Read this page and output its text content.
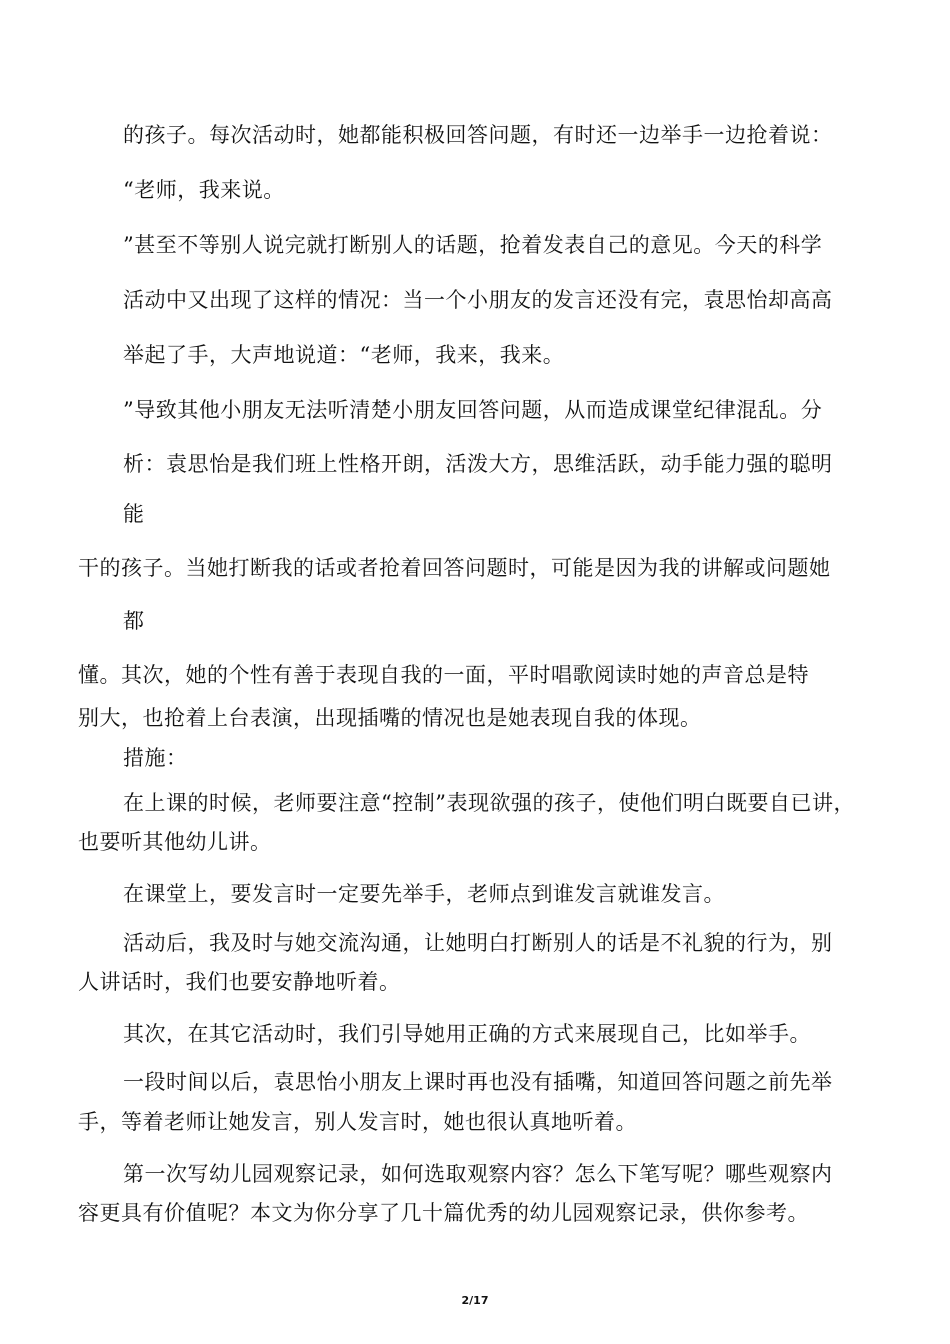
的孩子。每次活动时，她都能积极回答问题，有时还一边举手一边抢着说：
“老师，我来说。
”甚至不等别人说完就打断别人的话题，抢着发表自己的意见。今天的科学
活动中又出现了这样的情况：当一个小朋友的发言还没有完，袁思怡却高高
举起了手，大声地说道：“老师，我来，我来。
”导致其他小朋友无法听清楚小朋友回答问题，从而造成课堂纪律混乱。分
析：袁思怡是我们班上性格开朗，活泼大方，思维活跃，动手能力强的聪明
能
干的孩子。当她打断我的话或者抢着回答问题时，可能是因为我的讲解或问题她
都
懂。其次，她的个性有善于表现自我的一面，平时唱歌阅读时她的声音总是特
别大，也抢着上台表演，出现插嘴的情况也是她表现自我的体现。
措施：
在上课的时候，老师要注意“控制”表现欲强的孩子，使他们明白既要自已讲，
也要听其他幼儿讲。
在课堂上，要发言时一定要先举手，老师点到谁发言就谁发言。
活动后，我及时与她交流沟通，让她明白打断别人的话是不礼貌的行为，别
人讲话时，我们也要安静地听着。
其次，在其它活动时，我们引导她用正确的方式来展现自己，比如举手。
一段时间以后，袁思怡小朋友上课时再也没有插嘴，知道回答问题之前先举
手，等着老师让她发言，别人发言时，她也很认真地听着。
第一次写幼儿园观察记录，如何选取观察内容？怎么下笔写呢？哪些观察内
容更具有价值呢？本文为你分享了几十篇优秀的幼儿园观察记录，供你参考。
2/17
